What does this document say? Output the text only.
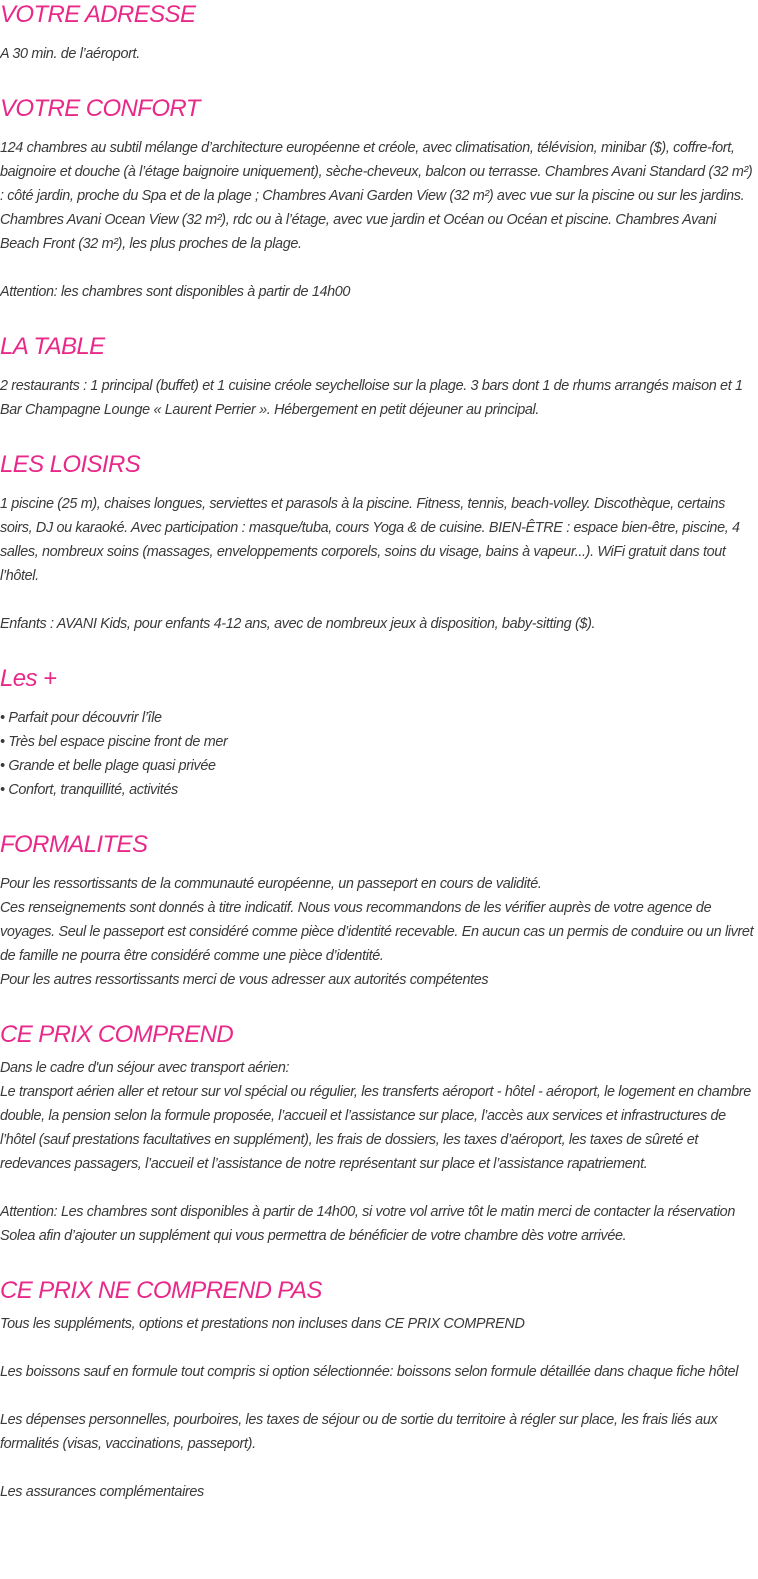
VOTRE ADRESSE

A 30 min. de l’aéroport.

VOTRE CONFORT

124 chambres au subtil mélange d’architecture européenne et créole, avec climatisation, télévision, minibar ($), coffre-fort, baignoire et douche (à l’étage baignoire uniquement), sèche-cheveux, balcon ou terrasse. Chambres Avani Standard (32 m²) : côté jardin, proche du Spa et de la plage ; Chambres Avani Garden View (32 m²) avec vue sur la piscine ou sur les jardins. Chambres Avani Ocean View (32 m²), rdc ou à l’étage, avec vue jardin et Océan ou Océan et piscine. Chambres Avani Beach Front (32 m²), les plus proches de la plage.

Attention: les chambres sont disponibles à partir de 14h00

LA TABLE

2 restaurants : 1 principal (buffet) et 1 cuisine créole seychelloise sur la plage. 3 bars dont 1 de rhums arrangés maison et 1 Bar Champagne Lounge « Laurent Perrier ». Hébergement en petit déjeuner au principal.

LES LOISIRS

1 piscine (25 m), chaises longues, serviettes et parasols à la piscine. Fitness, tennis, beach-volley. Discothèque, certains soirs, DJ ou karaoké. Avec participation : masque/tuba, cours Yoga & de cuisine. BIEN-ÊTRE : espace bien-être, piscine, 4 salles, nombreux soins (massages, enveloppements corporels, soins du visage, bains à vapeur...). WiFi gratuit dans tout l’hôtel.

Enfants : AVANI Kids, pour enfants 4-12 ans, avec de nombreux jeux à disposition, baby-sitting ($).

Les +
• Parfait pour découvrir l’île
• Très bel espace piscine front de mer
• Grande et belle plage quasi privée
• Confort, tranquillité, activités
FORMALITES

Pour les ressortissants de la communauté européenne, un passeport en cours de validité.

Ces renseignements sont donnés à titre indicatif. Nous vous recommandons de les vérifier auprès de votre agence de voyages. Seul le passeport est considéré comme pièce d’identité recevable. En aucun cas un permis de conduire ou un livret de famille ne pourra être considéré comme une pièce d’identité.

Pour les autres ressortissants merci de vous adresser aux autorités compétentes

CE PRIX COMPREND

Dans le cadre d'un séjour avec transport aérien:

Le transport aérien aller et retour sur vol spécial ou régulier, les transferts aéroport - hôtel - aéroport, le logement en chambre double, la pension selon la formule proposée, l’accueil et l’assistance sur place, l’accès aux services et infrastructures de l’hôtel (sauf prestations facultatives en supplément), les frais de dossiers, les taxes d’aéroport, les taxes de sûreté et redevances passagers, l’accueil et l’assistance de notre représentant sur place et l’assistance rapatriement.

Attention: Les chambres sont disponibles à partir de 14h00, si votre vol arrive tôt le matin merci de contacter la réservation Solea afin d’ajouter un supplément qui vous permettra de bénéficier de votre chambre dès votre arrivée.

CE PRIX NE COMPREND PAS

Tous les suppléments, options et prestations non incluses dans CE PRIX COMPREND

Les boissons sauf en formule tout compris si option sélectionnée: boissons selon formule détaillée dans chaque fiche hôtel

Les dépenses personnelles, pourboires, les taxes de séjour ou de sortie du territoire à régler sur place, les frais liés aux formalités (visas, vaccinations, passeport).

Les assurances complémentaires
